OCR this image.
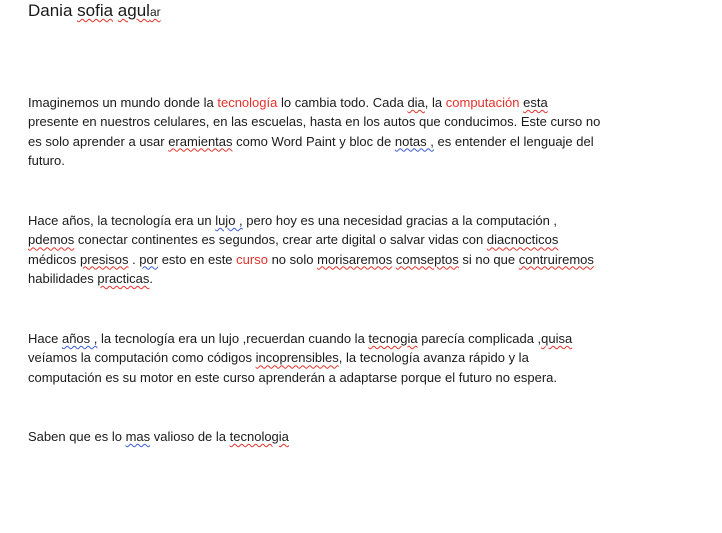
Dania sofia agular
Imaginemos un mundo donde la tecnología lo cambia todo. Cada dia, la computación esta
presente en nuestros celulares, en las escuelas, hasta en los autos que conducimos. Este curso no
es solo aprender a usar eramientas como Word Paint y bloc de notas , es entender el lenguaje del
futuro.
Hace años, la tecnología era un lujo , pero hoy es una necesidad gracias a la computación ,
pdemos conectar continentes es segundos, crear arte digital o salvar vidas con diacnocticos
médicos presisos . por esto en este curso no solo morisaremos comseptos si no que contruiremos
habilidades practicas.
Hace años , la tecnología era un lujo ,recuerdan cuando la tecnogia parecía complicada ,quisa
veíamos la computación como códigos incoprensibles, la tecnología avanza rápido y la
computación es su motor en este curso aprenderán a adaptarse porque el futuro no espera.
Saben que es lo mas valioso de la tecnologia
